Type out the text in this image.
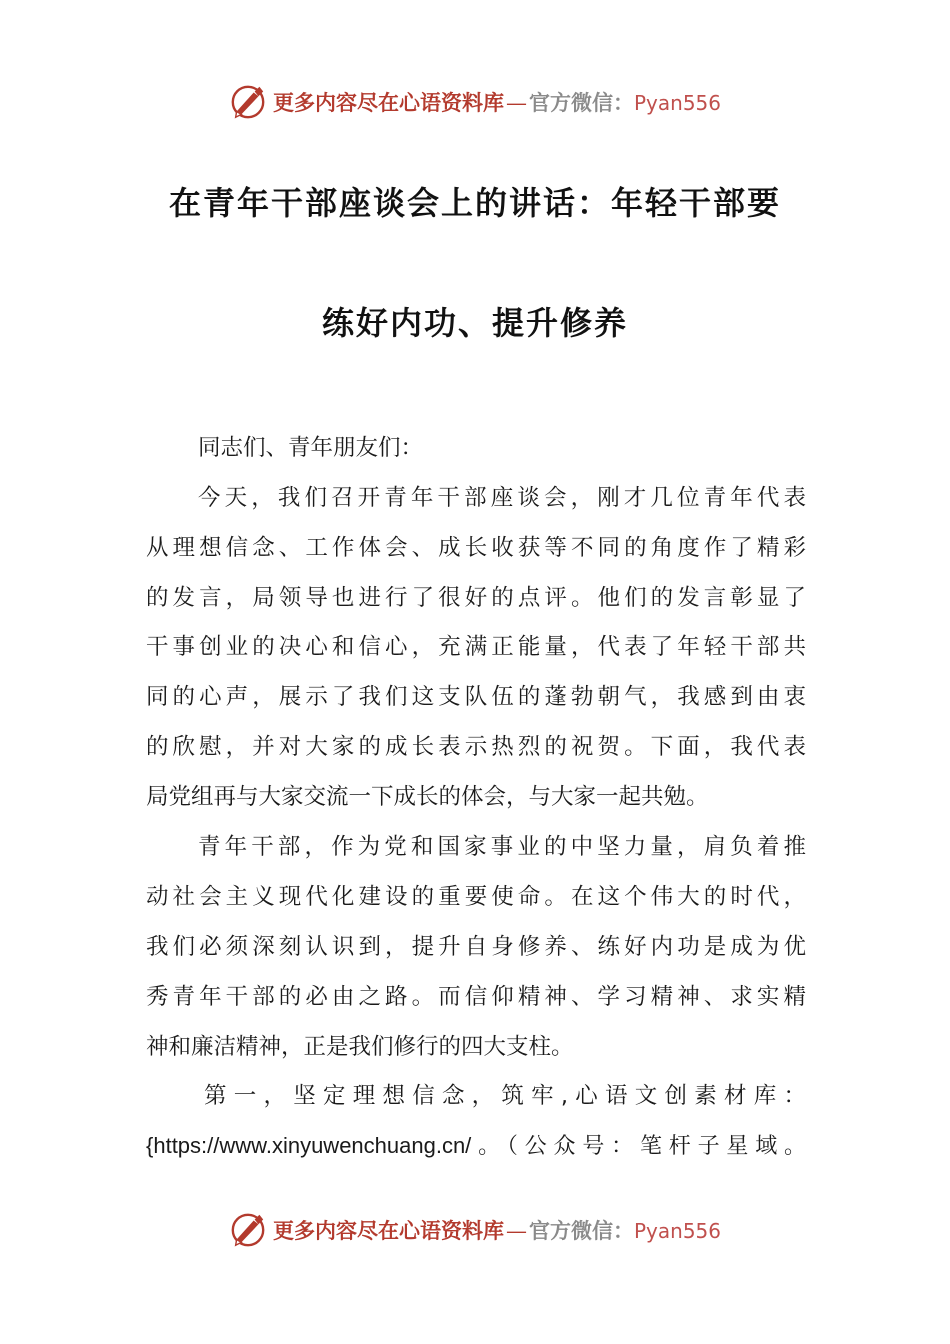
更多内容尽在心语资料库—官方微信：Pyan556
在青年干部座谈会上的讲话：年轻干部要
练好内功、提升修养
同志们、青年朋友们：
今天，我们召开青年干部座谈会，刚才几位青年代表
从理想信念、工作体会、成长收获等不同的角度作了精彩
的发言，局领导也进行了很好的点评。他们的发言彰显了
干事创业的决心和信心，充满正能量，代表了年轻干部共
同的心声，展示了我们这支队伍的蓬勃朝气，我感到由衷
的欣慰，并对大家的成长表示热烈的祝贺。下面，我代表
局党组再与大家交流一下成长的体会，与大家一起共勉。
青年干部，作为党和国家事业的中坚力量，肩负着推
动社会主义现代化建设的重要使命。在这个伟大的时代，
我们必须深刻认识到，提升自身修养、练好内功是成为优
秀青年干部的必由之路。而信仰精神、学习精神、求实精
神和廉洁精神，正是我们修行的四大支柱。
第一，坚定理想信念，筑牢,心语文创素材库：
{https://www.xinyuwenchuang.cn/。（公众号：笔杆子星域。
更多内容尽在心语资料库—官方微信：Pyan556
